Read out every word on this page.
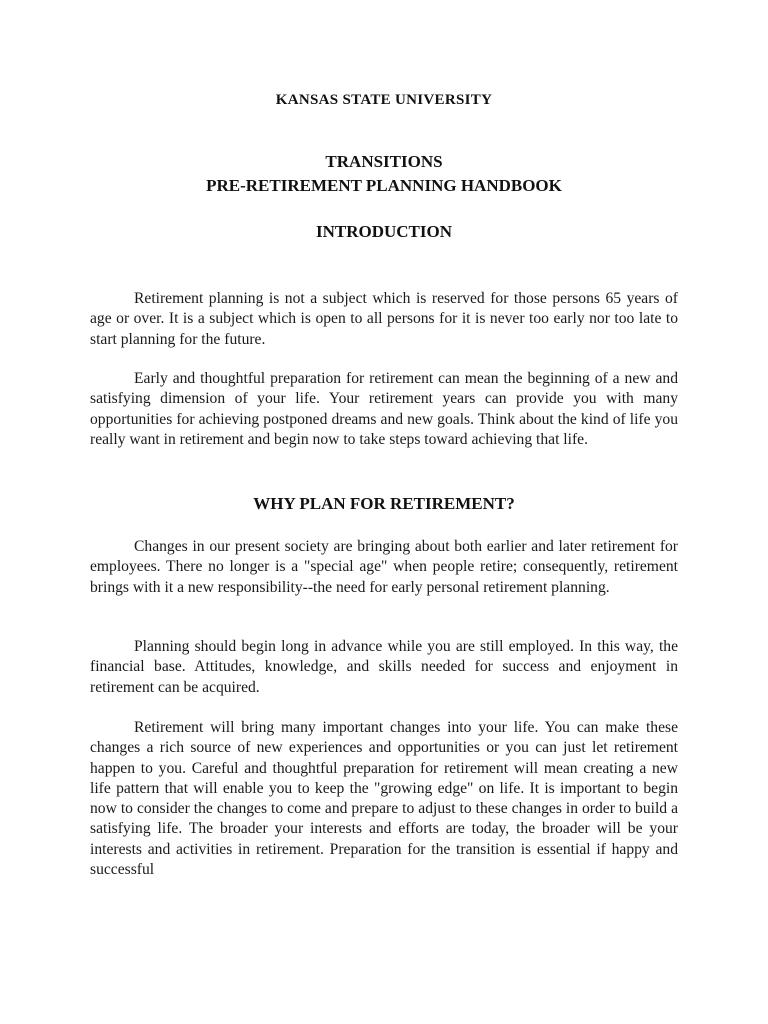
KANSAS STATE UNIVERSITY
TRANSITIONS
PRE-RETIREMENT PLANNING HANDBOOK
INTRODUCTION

Retirement planning is not a subject which is reserved for those persons 65 years of age or over. It is a subject which is open to all persons for it is never too early nor too late to start planning for the future.

Early and thoughtful preparation for retirement can mean the beginning of a new and satisfying dimension of your life. Your retirement years can provide you with many opportunities for achieving postponed dreams and new goals. Think about the kind of life you really want in retirement and begin now to take steps toward achieving that life.

WHY PLAN FOR RETIREMENT?

Changes in our present society are bringing about both earlier and later retirement for employees. There no longer is a "special age" when people retire; consequently, retirement brings with it a new responsibility--the need for early personal retirement planning.

Planning should begin long in advance while you are still employed. In this way, the financial base. Attitudes, knowledge, and skills needed for success and enjoyment in retirement can be acquired.

Retirement will bring many important changes into your life. You can make these changes a rich source of new experiences and opportunities or you can just let retirement happen to you. Careful and thoughtful preparation for retirement will mean creating a new life pattern that will enable you to keep the "growing edge" on life. It is important to begin now to consider the changes to come and prepare to adjust to these changes in order to build a satisfying life. The broader your interests and efforts are today, the broader will be your interests and activities in retirement. Preparation for the transition is essential if happy and successful
